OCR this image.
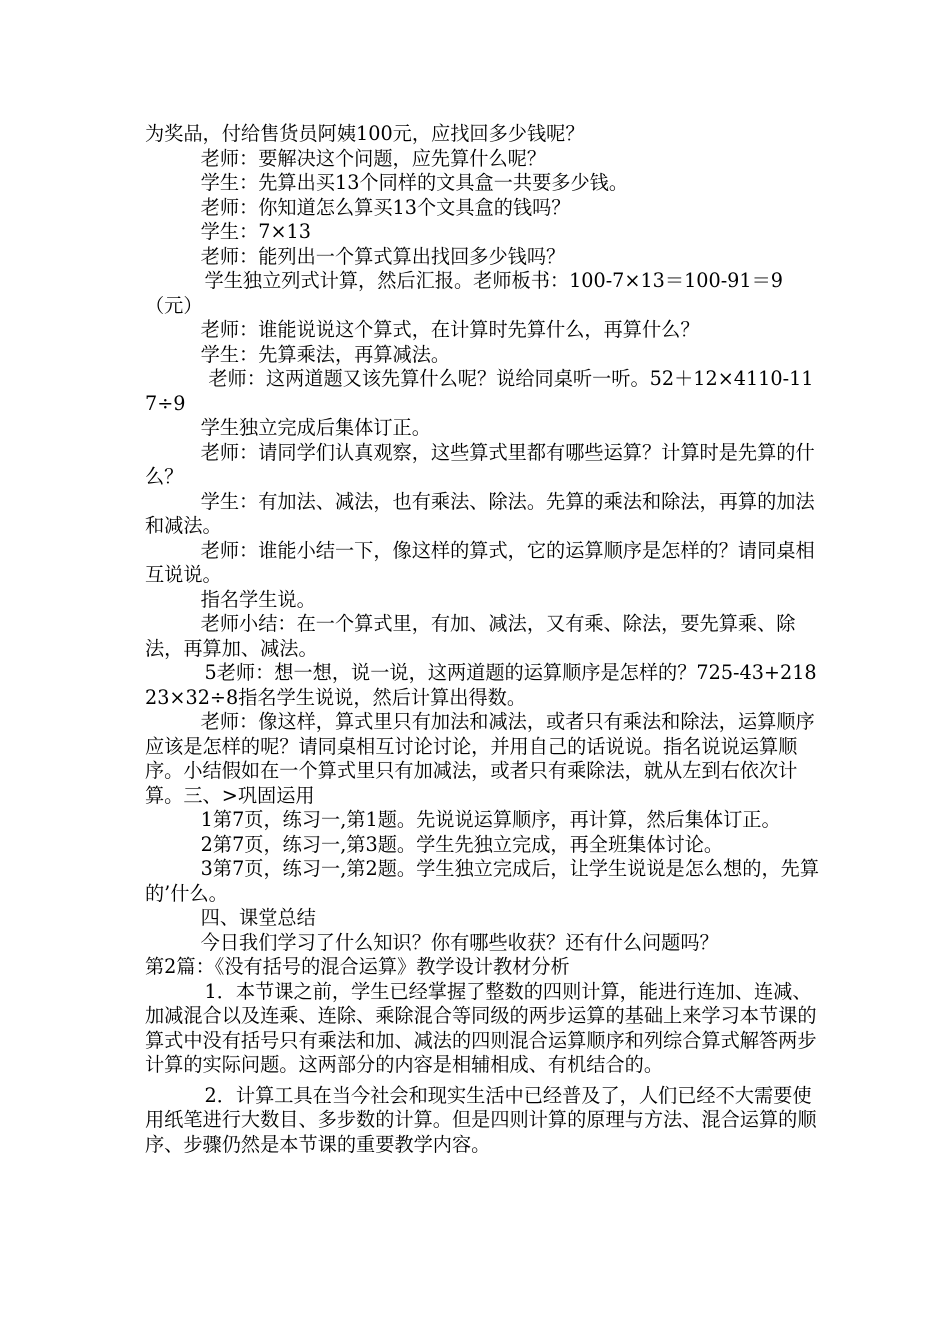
为奖品，付给售货员阿姨100元，应找回多少钱呢？

老师：要解决这个问题，应先算什么呢？

学生：先算出买13个同样的文具盒一共要多少钱。

老师：你知道怎么算买13个文具盒的钱吗？

学生：7×13

老师：能列出一个算式算出找回多少钱吗？

学生独立列式计算，然后汇报。老师板书：100-7×13＝100-91＝9（元）

老师：谁能说说这个算式，在计算时先算什么，再算什么？

学生：先算乘法，再算减法。

老师：这两道题又该先算什么呢？说给同桌听一听。52＋12×4110-117÷9

学生独立完成后集体订正。

老师：请同学们认真观察，这些算式里都有哪些运算？计算时是先算的什么？

学生：有加法、减法，也有乘法、除法。先算的乘法和除法，再算的加法和减法。

老师：谁能小结一下，像这样的算式，它的运算顺序是怎样的？请同桌相互说说。

指名学生说。

老师小结：在一个算式里，有加、减法，又有乘、除法，要先算乘、除法，再算加、减法。

5老师：想一想，说一说，这两道题的运算顺序是怎样的？725-43+21823×32÷8指名学生说说，然后计算出得数。

老师：像这样，算式里只有加法和减法，或者只有乘法和除法，运算顺序应该是怎样的呢？请同桌相互讨论讨论，并用自己的话说说。指名说说运算顺序。小结假如在一个算式里只有加减法，或者只有乘除法，就从左到右依次计算。三、>巩固运用

1第7页，练习一,第1题。先说说运算顺序，再计算，然后集体订正。

2第7页，练习一,第3题。学生先独立完成，再全班集体讨论。

3第7页，练习一,第2题。学生独立完成后，让学生说说是怎么想的，先算的’什么。

四、课堂总结

今日我们学习了什么知识？你有哪些收获？还有什么问题吗？

第2篇：《没有括号的混合运算》教学设计教材分析

1．本节课之前，学生已经掌握了整数的四则计算，能进行连加、连减、加减混合以及连乘、连除、乘除混合等同级的两步运算的基础上来学习本节课的算式中没有括号只有乘法和加、减法的四则混合运算顺序和列综合算式解答两步计算的实际问题。这两部分的内容是相辅相成、有机结合的。

2．计算工具在当今社会和现实生活中已经普及了，人们已经不大需要使用纸笔进行大数目、多步数的计算。但是四则计算的原理与方法、混合运算的顺序、步骤仍然是本节课的重要教学内容。
